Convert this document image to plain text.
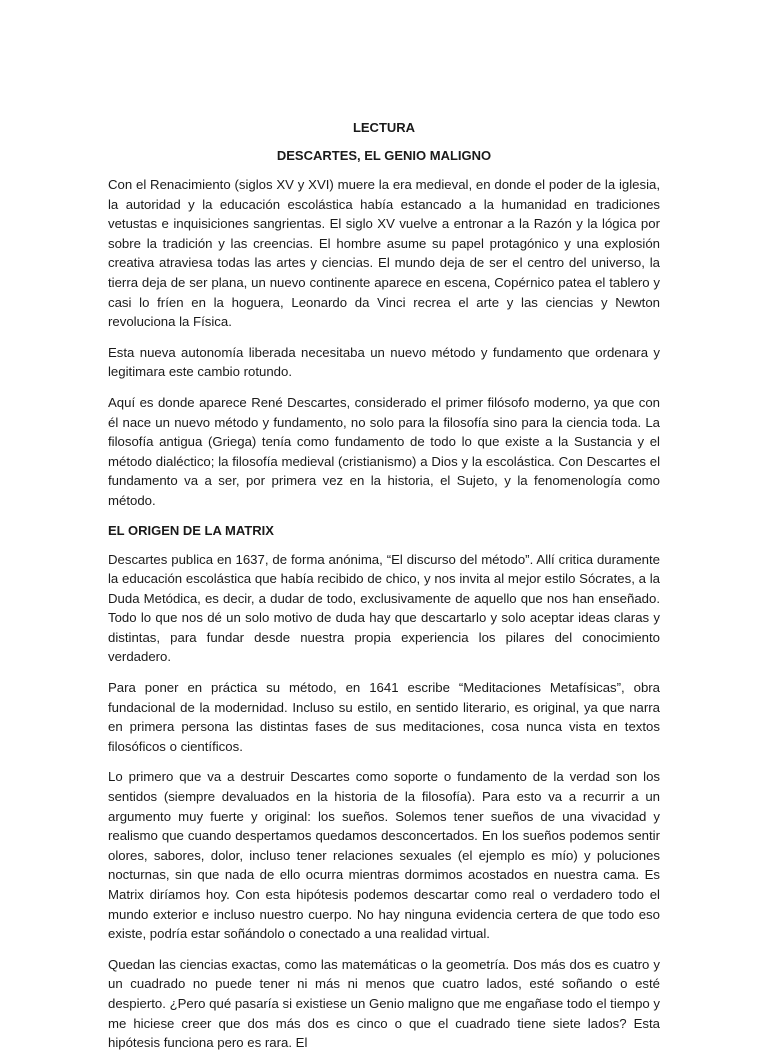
LECTURA
DESCARTES, EL GENIO MALIGNO

Con el Renacimiento (siglos XV y XVI) muere la era medieval, en donde el poder de la iglesia, la autoridad y la educación escolástica había estancado a la humanidad en tradiciones vetustas e inquisiciones sangrientas. El siglo XV vuelve a entronar a la Razón y la lógica por sobre la tradición y las creencias. El hombre asume su papel protagónico y una explosión creativa atraviesa todas las artes y ciencias. El mundo deja de ser el centro del universo, la tierra deja de ser plana, un nuevo continente aparece en escena, Copérnico patea el tablero y casi lo fríen en la hoguera, Leonardo da Vinci recrea el arte y las ciencias y Newton revoluciona la Física.

Esta nueva autonomía liberada necesitaba un nuevo método y fundamento que ordenara y legitimara este cambio rotundo.

Aquí es donde aparece René Descartes, considerado el primer filósofo moderno, ya que con él nace un nuevo método y fundamento, no solo para la filosofía sino para la ciencia toda. La filosofía antigua (Griega) tenía como fundamento de todo lo que existe a la Sustancia y el método dialéctico; la filosofía medieval (cristianismo) a Dios y la escolástica. Con Descartes el fundamento va a ser, por primera vez en la historia, el Sujeto, y la fenomenología como método.

EL ORIGEN DE LA MATRIX

Descartes publica en 1637, de forma anónima, “El discurso del método”. Allí critica duramente la educación escolástica que había recibido de chico, y nos invita al mejor estilo Sócrates, a la Duda Metódica, es decir, a dudar de todo, exclusivamente de aquello que nos han enseñado. Todo lo que nos dé un solo motivo de duda hay que descartarlo y solo aceptar ideas claras y distintas, para fundar desde nuestra propia experiencia los pilares del conocimiento verdadero.

Para poner en práctica su método, en 1641 escribe “Meditaciones Metafísicas”, obra fundacional de la modernidad. Incluso su estilo, en sentido literario, es original, ya que narra en primera persona las distintas fases de sus meditaciones, cosa nunca vista en textos filosóficos o científicos.

Lo primero que va a destruir Descartes como soporte o fundamento de la verdad son los sentidos (siempre devaluados en la historia de la filosofía). Para esto va a recurrir a un argumento muy fuerte y original: los sueños. Solemos tener sueños de una vivacidad y realismo que cuando despertamos quedamos desconcertados. En los sueños podemos sentir olores, sabores, dolor, incluso tener relaciones sexuales (el ejemplo es mío) y poluciones nocturnas, sin que nada de ello ocurra mientras dormimos acostados en nuestra cama. Es Matrix diríamos hoy. Con esta hipótesis podemos descartar como real o verdadero todo el mundo exterior e incluso nuestro cuerpo. No hay ninguna evidencia certera de que todo eso existe, podría estar soñándolo o conectado a una realidad virtual.

Quedan las ciencias exactas, como las matemáticas o la geometría. Dos más dos es cuatro y un cuadrado no puede tener ni más ni menos que cuatro lados, esté soñando o esté despierto. ¿Pero qué pasaría si existiese un Genio maligno que me engañase todo el tiempo y me hiciese creer que dos más dos es cinco o que el cuadrado tiene siete lados? Esta hipótesis funciona pero es rara. El
